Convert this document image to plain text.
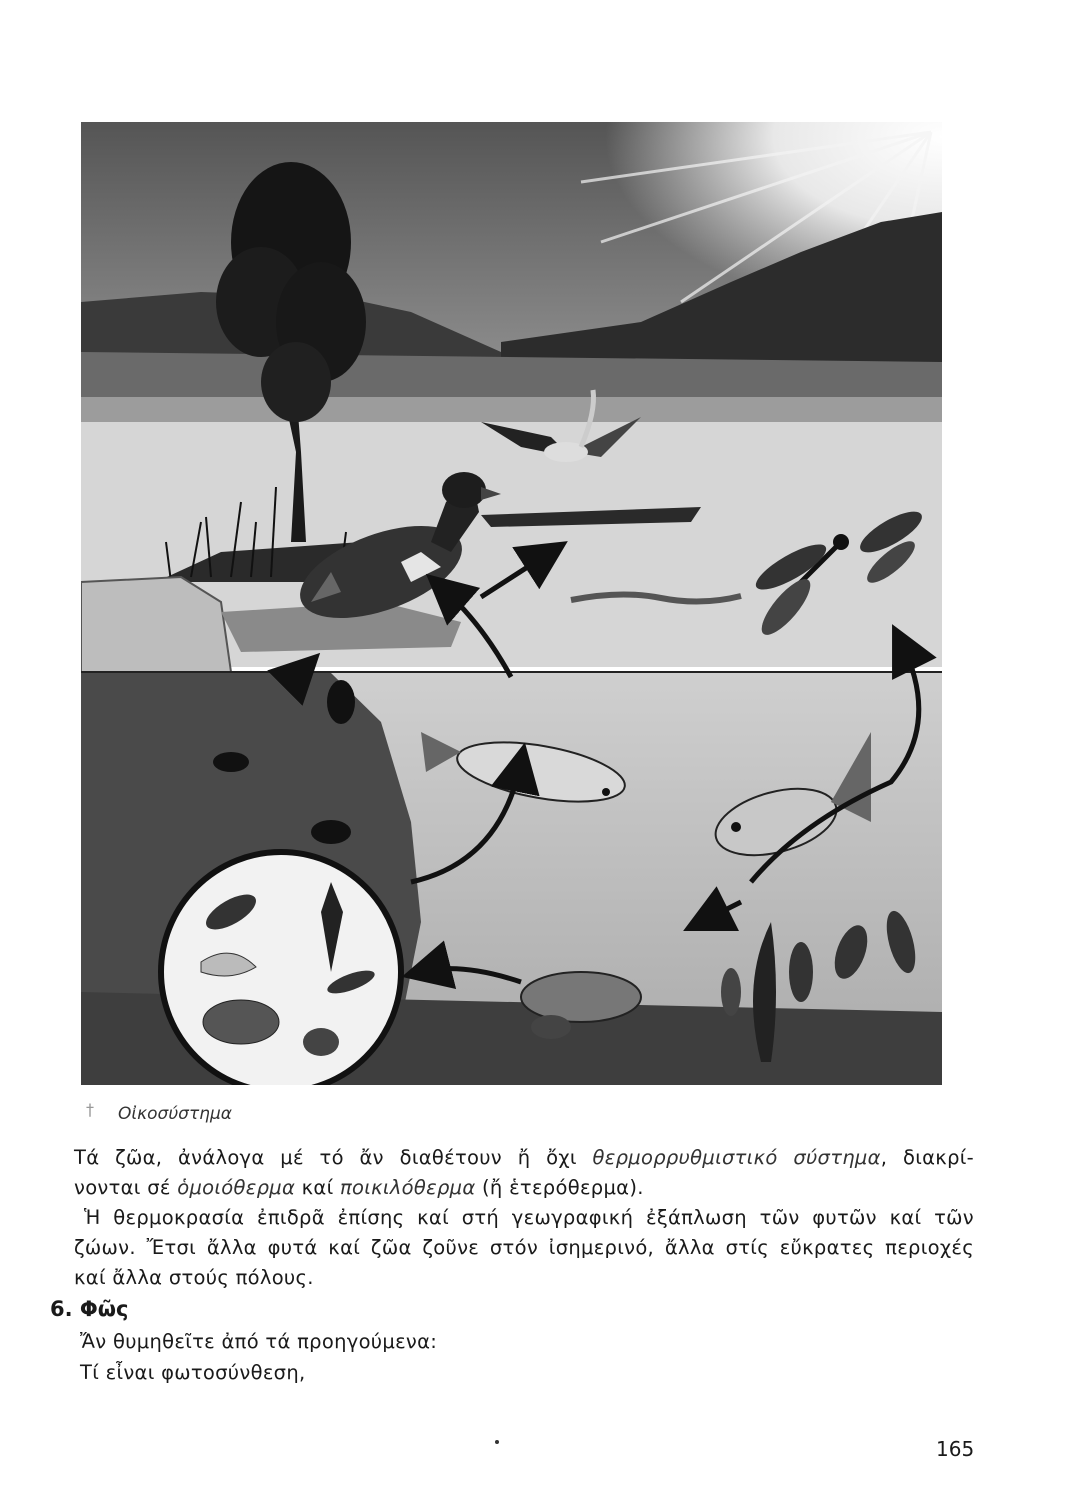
† Οἰκοσύστημα
Τά ζῶα, ἀνάλογα μέ τό ἄν διαθέτουν ἤ ὄχι θερμορρυθμιστικό σύστημα, διακρί-
νονται σέ ὁμοιόθερμα καί ποικιλόθερμα (ἤ ἑτερόθερμα).
Ἡ θερμοκρασία ἐπιδρᾶ ἐπίσης καί στή γεωγραφική ἐξάπλωση τῶν φυτῶν καί τῶν
ζώων. Ἔτσι ἄλλα φυτά καί ζῶα ζοῦνε στόν ἰσημερινό, ἄλλα στίς εὔκρατες περιοχές
καί ἄλλα στούς πόλους.
6. Φῶς
Ἄν θυμηθεῖτε ἀπό τά προηγούμενα:
Τί εἶναι φωτοσύνθεση,
165
